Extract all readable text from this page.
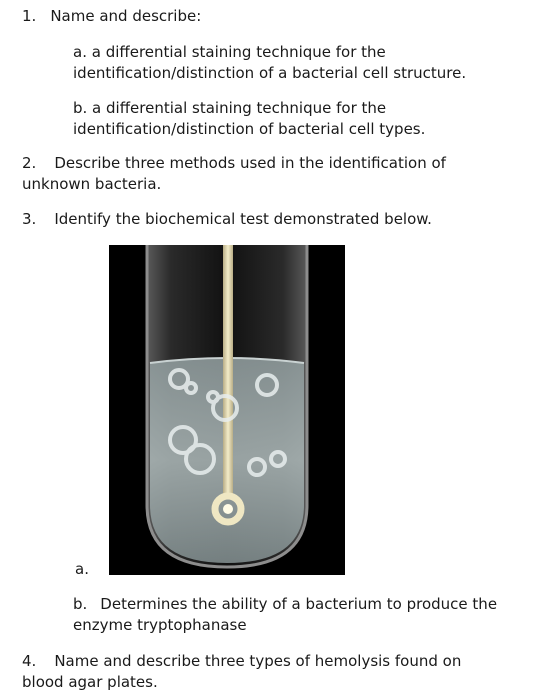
1. Name and describe:
a. a differential staining technique for the
identification/distinction of a bacterial cell structure.
b. a differential staining technique for the
identification/distinction of bacterial cell types.
2. Describe three methods used in the identification of
unknown bacteria.
3. Identify the biochemical test demonstrated below.
a.
b. Determines the ability of a bacterium to produce the
enzyme tryptophanase
4. Name and describe three types of hemolysis found on
blood agar plates.
